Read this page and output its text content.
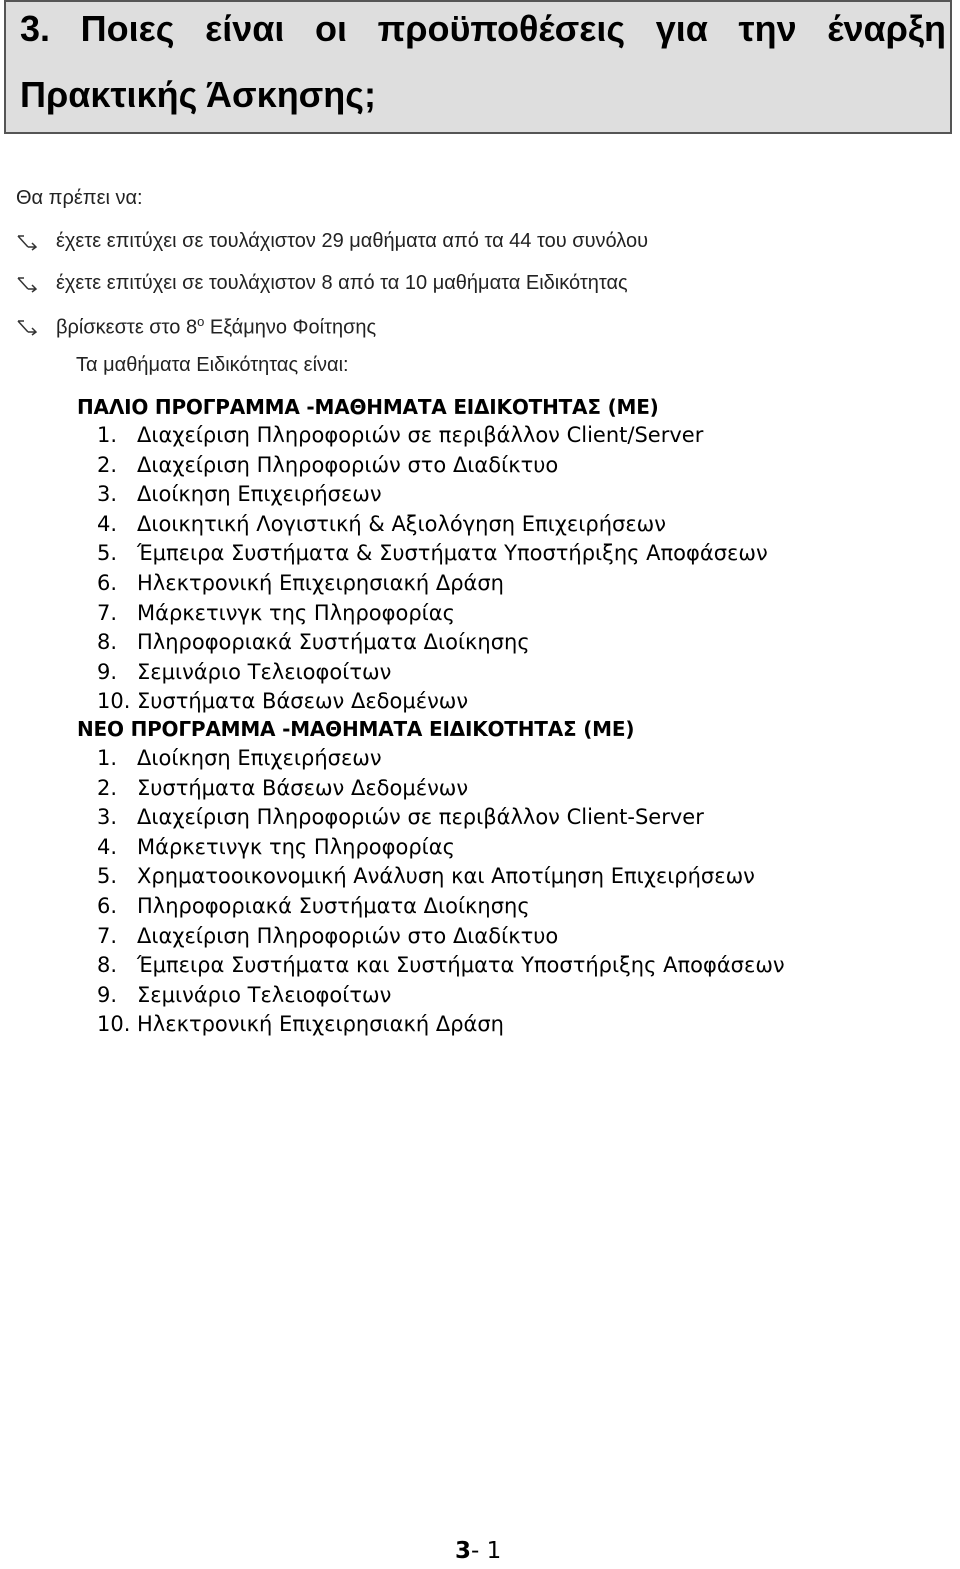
3. Ποιες είναι οι προϋποθέσεις για την έναρξη
Πρακτικής Άσκησης;
Θα πρέπει να:
έχετε επιτύχει σε τουλάχιστον 29 μαθήματα από τα 44 του συνόλου
έχετε επιτύχει σε τουλάχιστον 8 από τα 10 μαθήματα Ειδικότητας
βρίσκεστε στο $8^o$ Εξάμηνο Φοίτησης
Τα μαθήματα Ειδικότητας είναι:
ΠΑΛΙΟ ΠΡΟΓΡΑΜΜΑ -ΜΑΘΗΜΑΤΑ ΕΙΔΙΚΟΤΗΤΑΣ (ΜΕ)
1. Διαχείριση Πληροφοριών σε περιβάλλον Client/Server
2. Διαχείριση Πληροφοριών στο Διαδίκτυο
3. Διοίκηση Επιχειρήσεων
4. Διοικητική Λογιστική & Αξιολόγηση Επιχειρήσεων
5. Έμπειρα Συστήματα & Συστήματα Υποστήριξης Αποφάσεων
6. Ηλεκτρονική Επιχειρησιακή Δράση
7. Μάρκετινγκ της Πληροφορίας
8. Πληροφοριακά Συστήματα Διοίκησης
9. Σεμινάριο Τελειοφοίτων
10. Συστήματα Βάσεων Δεδομένων
ΝΕΟ ΠΡΟΓΡΑΜΜΑ -ΜΑΘΗΜΑΤΑ ΕΙΔΙΚΟΤΗΤΑΣ (ΜΕ)
1. Διοίκηση Επιχειρήσεων
2. Συστήματα Βάσεων Δεδομένων
3. Διαχείριση Πληροφοριών σε περιβάλλον Client-Server
4. Μάρκετινγκ της Πληροφορίας
5. Χρηματοοικονομική Ανάλυση και Αποτίμηση Επιχειρήσεων
6. Πληροφοριακά Συστήματα Διοίκησης
7. Διαχείριση Πληροφοριών στο Διαδίκτυο
8. Έμπειρα Συστήματα και Συστήματα Υποστήριξης Αποφάσεων
9. Σεμινάριο Τελειοφοίτων
10. Ηλεκτρονική Επιχειρησιακή Δράση
3- 1
